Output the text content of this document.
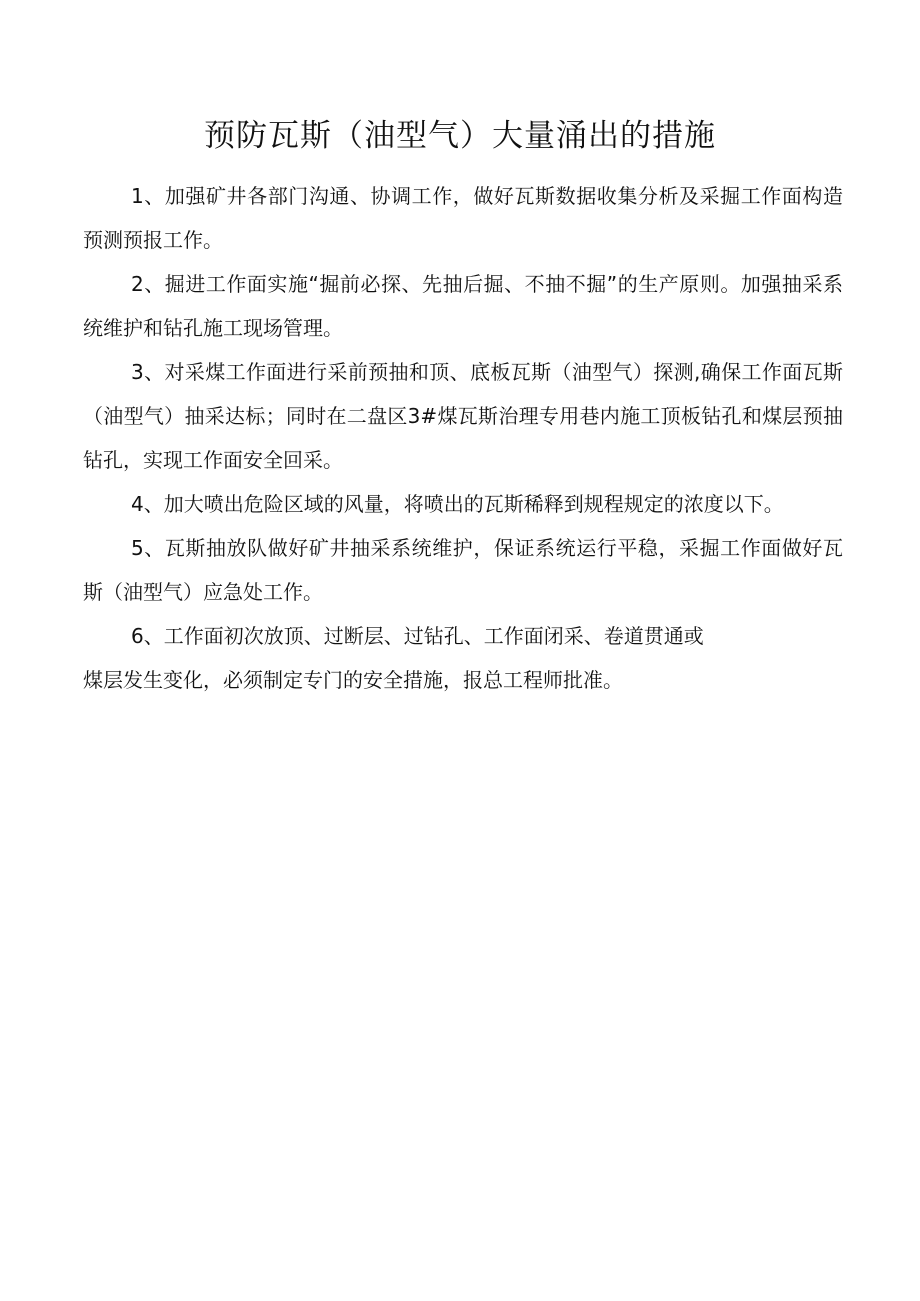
预防瓦斯（油型气）大量涌出的措施

1、加强矿井各部门沟通、协调工作，做好瓦斯数据收集分析及采掘工作面构造预测预报工作。

2、掘进工作面实施“掘前必探、先抽后掘、不抽不掘”的生产原则。加强抽采系统维护和钻孔施工现场管理。

3、对采煤工作面进行采前预抽和顶、底板瓦斯（油型气）探测,确保工作面瓦斯（油型气）抽采达标；同时在二盘区3#煤瓦斯治理专用巷内施工顶板钻孔和煤层预抽钻孔，实现工作面安全回采。

4、加大喷出危险区域的风量，将喷出的瓦斯稀释到规程规定的浓度以下。

5、瓦斯抽放队做好矿井抽采系统维护，保证系统运行平稳，采掘工作面做好瓦斯（油型气）应急处工作。

6、工作面初次放顶、过断层、过钻孔、工作面闭采、卷道贯通或

煤层发生变化，必须制定专门的安全措施，报总工程师批准。
